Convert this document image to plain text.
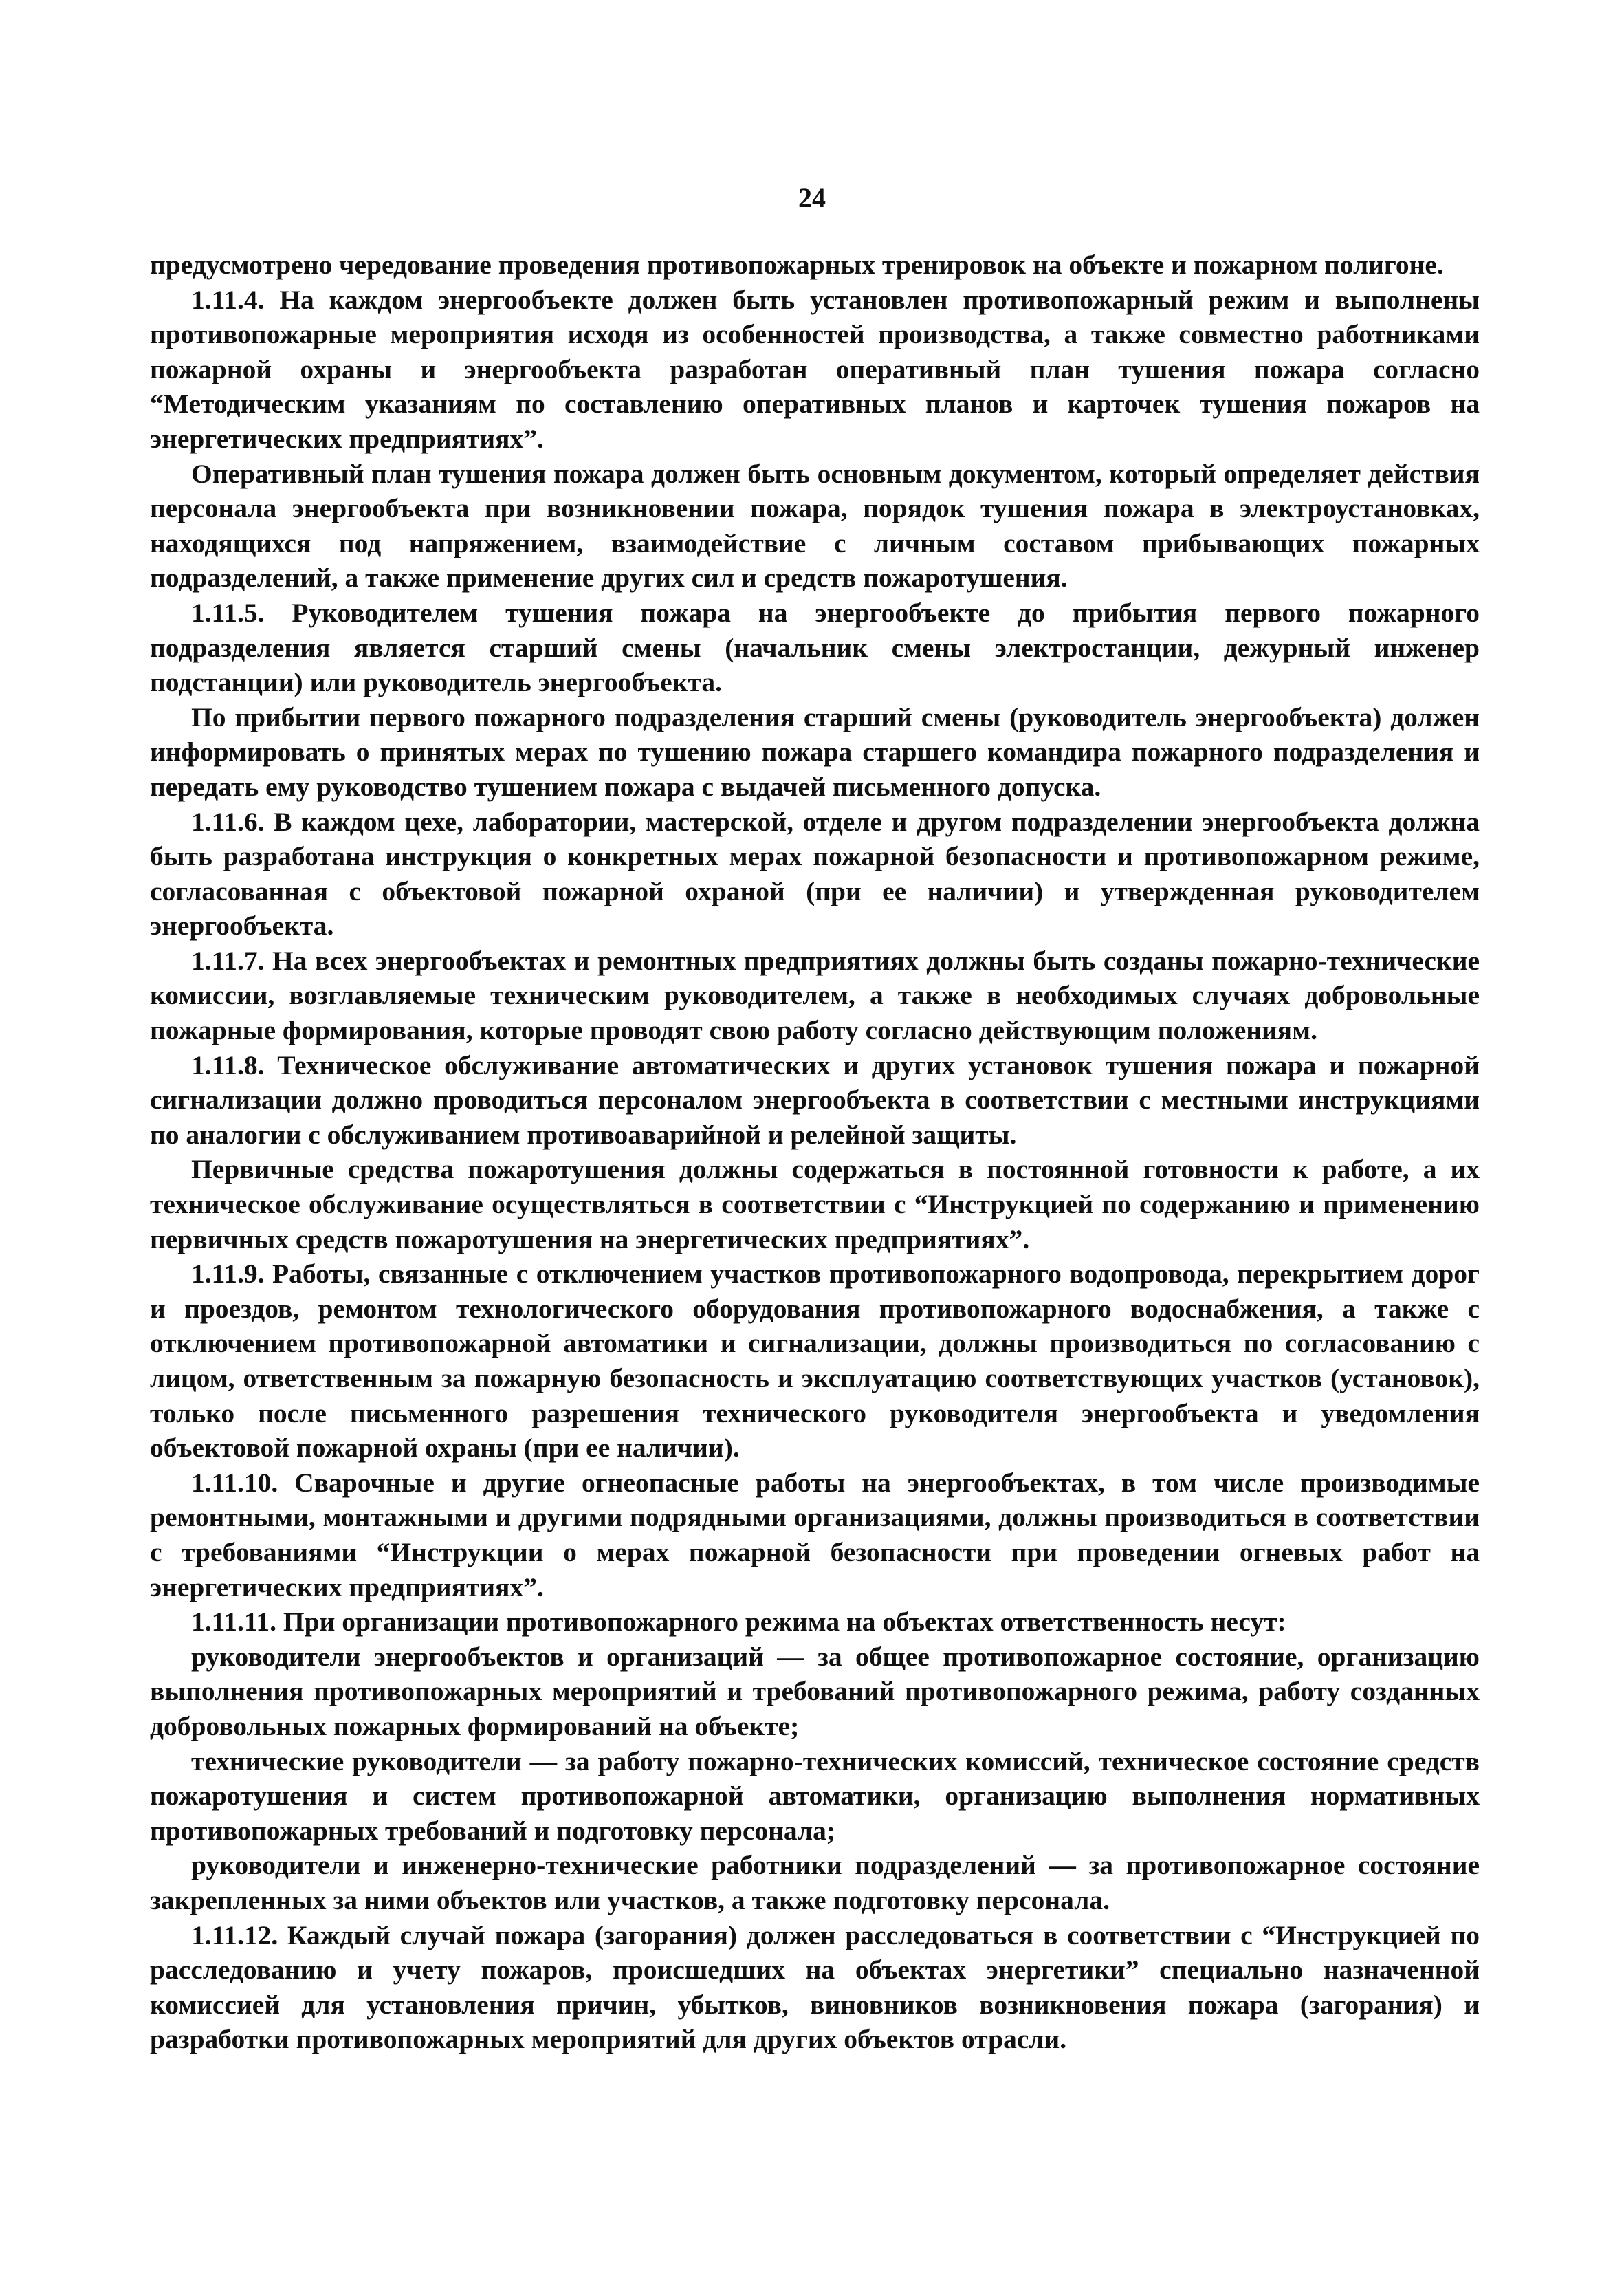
24

предусмотрено чередование проведения противопожарных тренировок на объекте и пожарном полигоне.

1.11.4. На каждом энергообъекте должен быть установлен противопожарный режим и выполнены противопожарные мероприятия исходя из особенностей производства, а также совместно работниками пожарной охраны и энергообъекта разработан оперативный план тушения пожара согласно “Методическим указаниям по составлению оперативных планов и карточек тушения пожаров на энергетических предприятиях”.

Оперативный план тушения пожара должен быть основным документом, который определяет действия персонала энергообъекта при возникновении пожара, порядок тушения пожара в электроустановках, находящихся под напряжением, взаимодействие с личным составом прибывающих пожарных подразделений, а также применение других сил и средств пожаротушения.

1.11.5. Руководителем тушения пожара на энергообъекте до прибытия первого пожарного подразделения является старший смены (начальник смены электростанции, дежурный инженер подстанции) или руководитель энергообъекта.

По прибытии первого пожарного подразделения старший смены (руководитель энергообъекта) должен информировать о принятых мерах по тушению пожара старшего командира пожарного подразделения и передать ему руководство тушением пожара с выдачей письменного допуска.

1.11.6. В каждом цехе, лаборатории, мастерской, отделе и другом подразделении энергообъекта должна быть разработана инструкция о конкретных мерах пожарной безопасности и противопожарном режиме, согласованная с объектовой пожарной охраной (при ее наличии) и утвержденная руководителем энергообъекта.

1.11.7. На всех энергообъектах и ремонтных предприятиях должны быть созданы пожарно-технические комиссии, возглавляемые техническим руководителем, а также в необходимых случаях добровольные пожарные формирования, которые проводят свою работу согласно действующим положениям.

1.11.8. Техническое обслуживание автоматических и других установок тушения пожара и пожарной сигнализации должно проводиться персоналом энергообъекта в соответствии с местными инструкциями по аналогии с обслуживанием противоаварийной и релейной защиты.

Первичные средства пожаротушения должны содержаться в постоянной готовности к работе, а их техническое обслуживание осуществляться в соответствии с “Инструкцией по содержанию и применению первичных средств пожаротушения на энергетических предприятиях”.

1.11.9. Работы, связанные с отключением участков противопожарного водопровода, перекрытием дорог и проездов, ремонтом технологического оборудования противопожарного водоснабжения, а также с отключением противопожарной автоматики и сигнализации, должны производиться по согласованию с лицом, ответственным за пожарную безопасность и эксплуатацию соответствующих участков (установок), только после письменного разрешения технического руководителя энергообъекта и уведомления объектовой пожарной охраны (при ее наличии).

1.11.10. Сварочные и другие огнеопасные работы на энергообъектах, в том числе производимые ремонтными, монтажными и другими подрядными организациями, должны производиться в соответствии с требованиями “Инструкции о мерах пожарной безопасности при проведении огневых работ на энергетических предприятиях”.

1.11.11. При организации противопожарного режима на объектах ответственность несут:

руководители энергообъектов и организаций — за общее противопожарное состояние, организацию выполнения противопожарных мероприятий и требований противопожарного режима, работу созданных добровольных пожарных формирований на объекте;

технические руководители — за работу пожарно-технических комиссий, техническое состояние средств пожаротушения и систем противопожарной автоматики, организацию выполнения нормативных противопожарных требований и подготовку персонала;

руководители и инженерно-технические работники подразделений — за противопожарное состояние закрепленных за ними объектов или участков, а также подготовку персонала.

1.11.12. Каждый случай пожара (загорания) должен расследоваться в соответствии с “Инструкцией по расследованию и учету пожаров, происшедших на объектах энергетики” специально назначенной комиссией для установления причин, убытков, виновников возникновения пожара (загорания) и разработки противопожарных мероприятий для других объектов отрасли.
